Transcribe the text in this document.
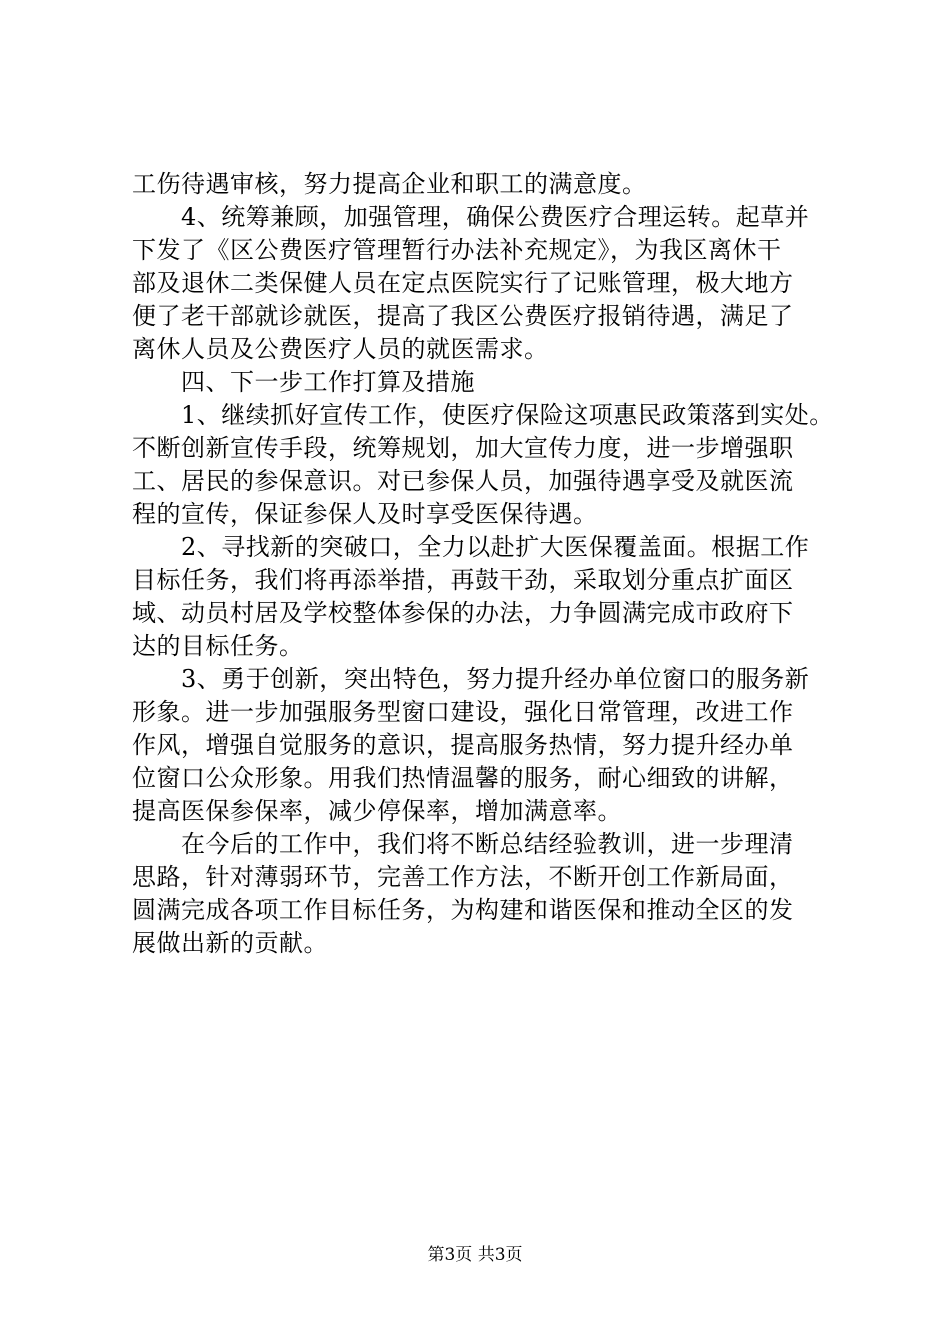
工伤待遇审核，努力提高企业和职工的满意度。
　　4、统筹兼顾，加强管理，确保公费医疗合理运转。起草并
下发了《区公费医疗管理暂行办法补充规定》，为我区离休干
部及退休二类保健人员在定点医院实行了记账管理，极大地方
便了老干部就诊就医，提高了我区公费医疗报销待遇，满足了
离休人员及公费医疗人员的就医需求。
　　四、下一步工作打算及措施
　　1、继续抓好宣传工作，使医疗保险这项惠民政策落到实处。
不断创新宣传手段，统筹规划，加大宣传力度，进一步增强职
工、居民的参保意识。对已参保人员，加强待遇享受及就医流
程的宣传，保证参保人及时享受医保待遇。
　　2、寻找新的突破口，全力以赴扩大医保覆盖面。根据工作
目标任务，我们将再添举措，再鼓干劲，采取划分重点扩面区
域、动员村居及学校整体参保的办法，力争圆满完成市政府下
达的目标任务。
　　3、勇于创新，突出特色，努力提升经办单位窗口的服务新
形象。进一步加强服务型窗口建设，强化日常管理，改进工作
作风，增强自觉服务的意识，提高服务热情，努力提升经办单
位窗口公众形象。用我们热情温馨的服务，耐心细致的讲解，
提高医保参保率，减少停保率，增加满意率。
　　在今后的工作中，我们将不断总结经验教训，进一步理清
思路，针对薄弱环节，完善工作方法，不断开创工作新局面，
圆满完成各项工作目标任务，为构建和谐医保和推动全区的发
展做出新的贡献。
第3页 共3页
